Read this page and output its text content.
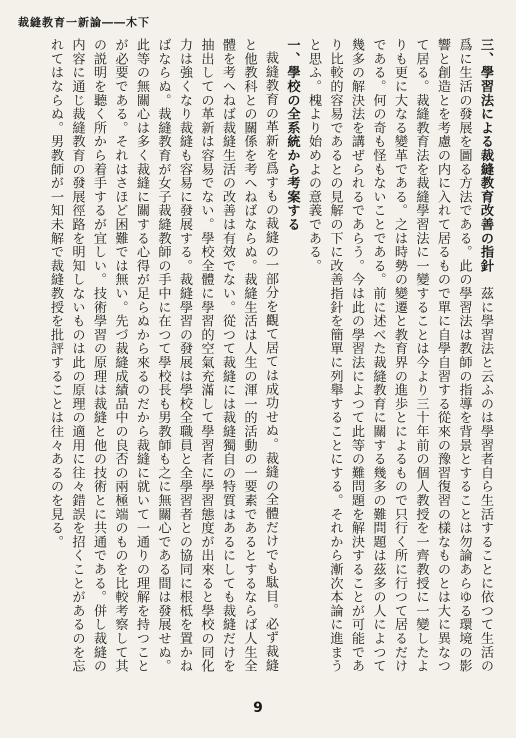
裁縫教育一新論――木下

三、學習法による裁縫教育改善の指針　茲に學習法と云ふのは學習者自ら生活することに依つて生活の爲に生活の發展を圖る方法である。此の學習法は教師の指導を背景とすることは勿論あらゆる環境の影響と創造とを考慮の内に入れて居るもので單に自學自習する從來の豫習復習の樣なものとは大に異なつて居る。裁縫教育法を裁縫學習法に一變することは今より三十年前の個人教授を一齊教授に一變したよりも更に大なる變革である。之は時勢の變遷と教育界の進歩とによるもので只行く所に行つて居るだけである。何の奇も怪もないことである。前に述べた裁縫教育に關する幾多の難問題は茲多の人によつて幾多の解決法を講ぜられるであらう。今は此の學習法によつて此等の難問題を解決することが可能であり比較的容易であるとの見解の下に改善指針を簡單に列舉することにする。それから漸次本論に進まうと思ふ。槐より始めよの意義である。

一、學校の全系統から考案する

裁縫教育の革新を爲すもの裁縫の一部分を觀て居ては成功せぬ。裁縫の全體だけでも駄目。必ず裁縫と他教科との關係を考へねばならぬ。裁縫生活は人生の渾一的活動の一要素であるとするならば人生全體を考へねば裁縫生活の改善は有效でない。從つて裁縫には裁縫獨自の特質はあるにしても裁縫だけを抽出しての革新は容易でない。學校全體に學習的空氣充滿して學習者に學習態度が出來ると學校の同化力は強くなり裁縫も容易に發展する。裁縫學習の發展は學校全職員と全學習者との協同に根柢を置かねばならぬ。裁縫教育が女子裁縫教師の手中に在つて學校長も男教師も之に無關心である間は發展せぬ。此等の無關心は多く裁縫に關する心得が足らぬから來るのだから裁縫に就いて一通りの理解を持つことが必要である。それはさほど困難では無い。先づ裁縫成績品中の良否の兩極端のものを比較考察して其の説明を聽く所から着手するが宜しい。技術學習の原理は裁縫と他の技術とに共通である。併し裁縫の内容に通じ裁縫教育の發展徑路を明知しないものは此の原理の適用に往々錯誤を招くことがあるのを忘れてはならぬ。男教師が一知未解で裁縫教授を批評することは往々あるのを見る。

9
